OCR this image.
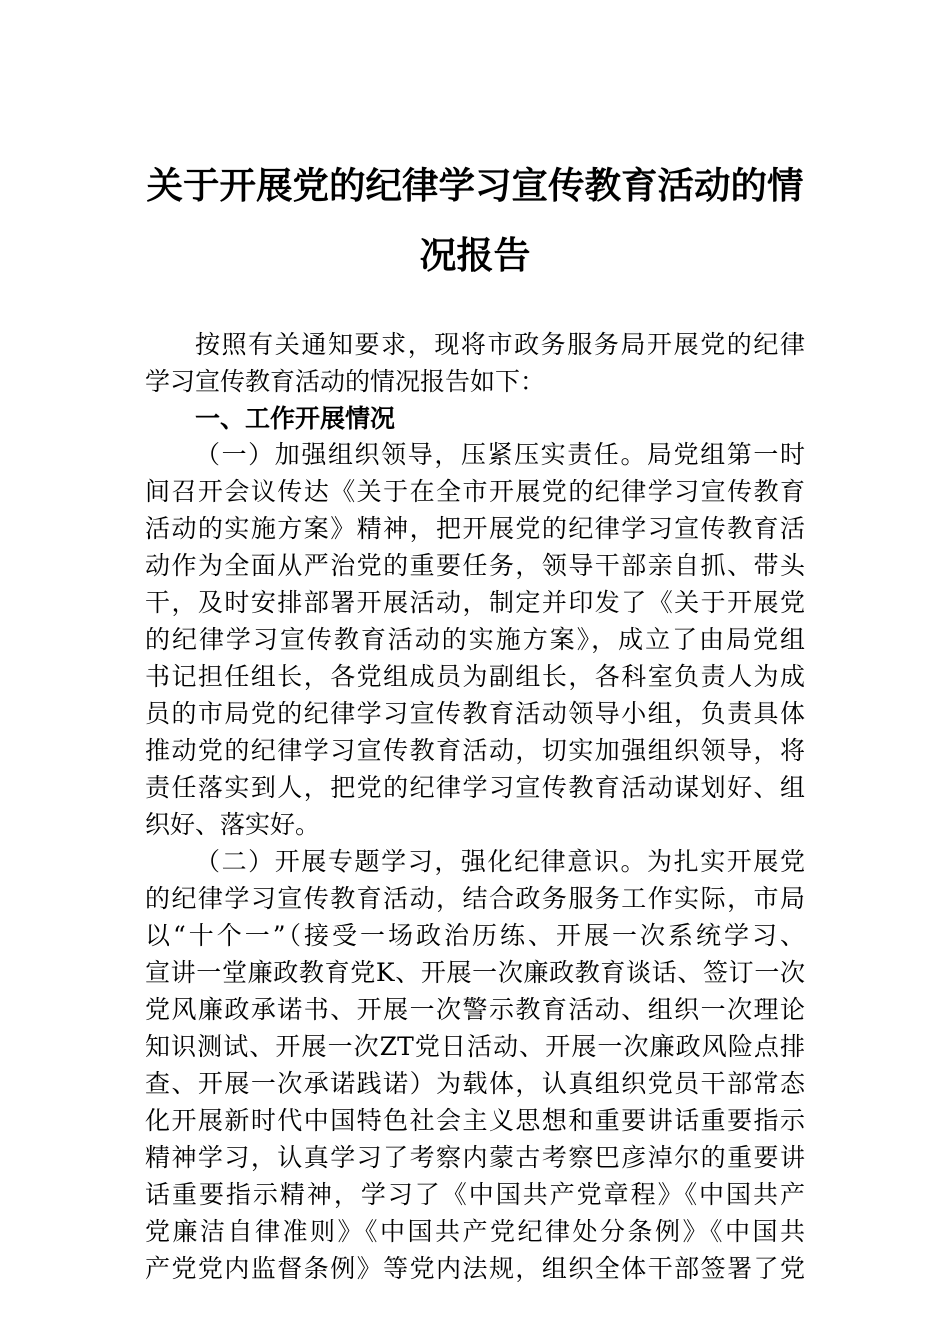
关于开展党的纪律学习宣传教育活动的情
况报告
按照有关通知要求，现将市政务服务局开展党的纪律
学习宣传教育活动的情况报告如下：
一、工作开展情况
（一）加强组织领导，压紧压实责任。局党组第一时
间召开会议传达《关于在全市开展党的纪律学习宣传教育
活动的实施方案》精神，把开展党的纪律学习宣传教育活
动作为全面从严治党的重要任务，领导干部亲自抓、带头
干，及时安排部署开展活动，制定并印发了《关于开展党
的纪律学习宣传教育活动的实施方案》，成立了由局党组
书记担任组长，各党组成员为副组长，各科室负责人为成
员的市局党的纪律学习宣传教育活动领导小组，负责具体
推动党的纪律学习宣传教育活动，切实加强组织领导，将
责任落实到人，把党的纪律学习宣传教育活动谋划好、组
织好、落实好。
（二）开展专题学习，强化纪律意识。为扎实开展党
的纪律学习宣传教育活动，结合政务服务工作实际，市局
以“十个一”（接受一场政治历练、开展一次系统学习、
宣讲一堂廉政教育党K、开展一次廉政教育谈话、签订一次
党风廉政承诺书、开展一次警示教育活动、组织一次理论
知识测试、开展一次ZT党日活动、开展一次廉政风险点排
查、开展一次承诺践诺）为载体，认真组织党员干部常态
化开展新时代中国特色社会主义思想和重要讲话重要指示
精神学习，认真学习了考察内蒙古考察巴彦淖尔的重要讲
话重要指示精神，学习了《中国共产党章程》《中国共产
党廉洁自律准则》《中国共产党纪律处分条例》《中国共
产党党内监督条例》等党内法规，组织全体干部签署了党
